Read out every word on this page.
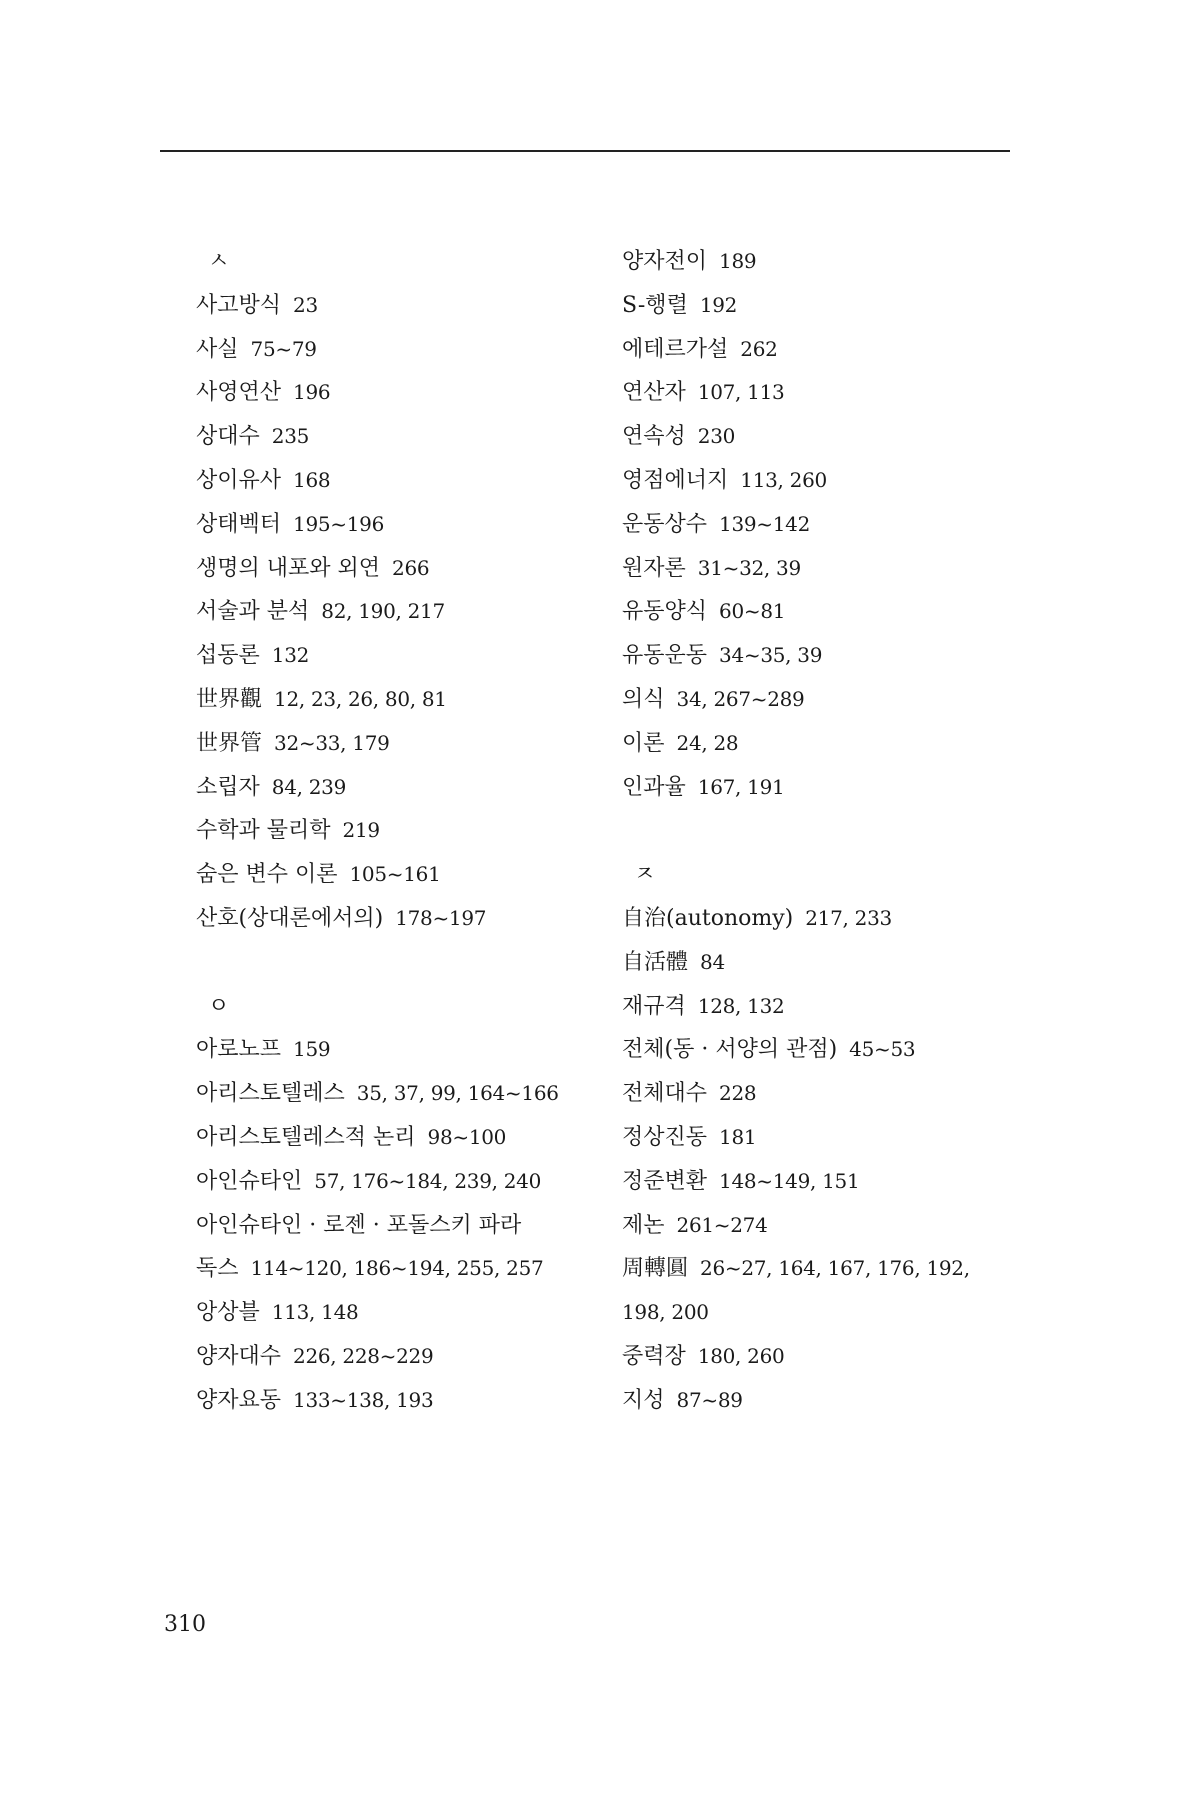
ㅅ
사고방식 23
사실 75~79
사영연산 196
상대수 235
상이유사 168
상태벡터 195~196
생명의 내포와 외연 266
서술과 분석 82, 190, 217
섭동론 132
世界觀 12, 23, 26, 80, 81
世界管 32~33, 179
소립자 84, 239
수학과 물리학 219
숨은 변수 이론 105~161
산호(상대론에서의) 178~197
ㅇ
아로노프 159
아리스토텔레스 35, 37, 99, 164~166
아리스토텔레스적 논리 98~100
아인슈타인 57, 176~184, 239, 240
아인슈타인 · 로젠 · 포돌스키 파라
독스 114~120, 186~194, 255, 257
앙상블 113, 148
양자대수 226, 228~229
양자요동 133~138, 193
양자전이 189
S-행렬 192
에테르가설 262
연산자 107, 113
연속성 230
영점에너지 113, 260
운동상수 139~142
원자론 31~32, 39
유동양식 60~81
유동운동 34~35, 39
의식 34, 267~289
이론 24, 28
인과율 167, 191
ㅈ
自治(autonomy) 217, 233
自活體 84
재규격 128, 132
전체(동 · 서양의 관점) 45~53
전체대수 228
정상진동 181
정준변환 148~149, 151
제논 261~274
周轉圓 26~27, 164, 167, 176, 192,
198, 200
중력장 180, 260
지성 87~89
310
